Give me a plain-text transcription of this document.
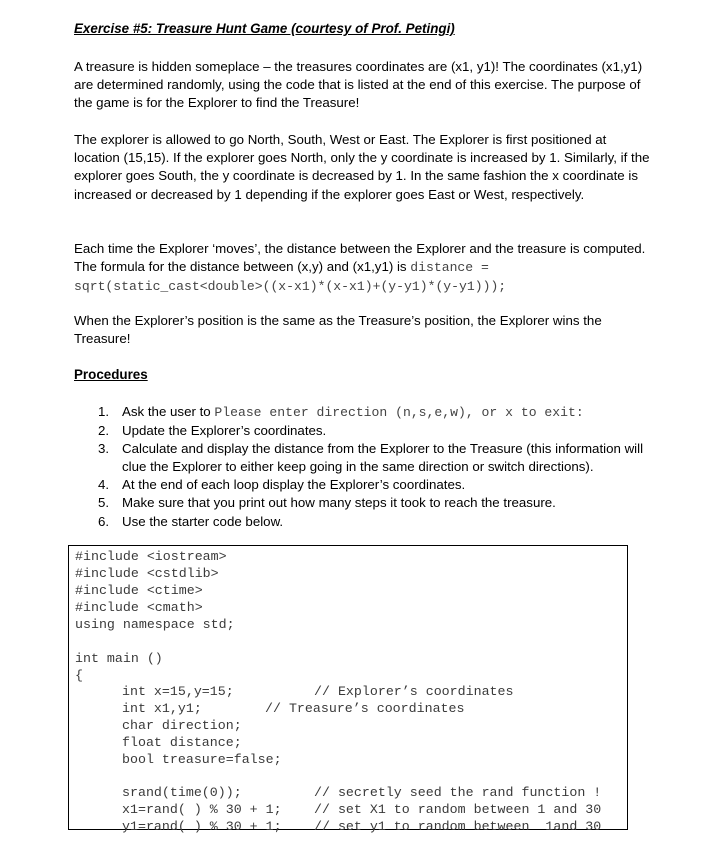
Exercise #5: Treasure Hunt Game (courtesy of Prof. Petingi)

A treasure is hidden someplace – the treasures coordinates are (x1, y1)! The coordinates (x1,y1) are determined randomly, using the code that is listed at the end of this exercise. The purpose of the game is for the Explorer to find the Treasure!

The explorer is allowed to go North, South, West or East. The Explorer is first positioned at location (15,15). If the explorer goes North, only the y coordinate is increased by 1. Similarly, if the explorer goes South, the y coordinate is decreased by 1. In the same fashion the x coordinate is increased or decreased by 1 depending if the explorer goes East or West, respectively.

Each time the Explorer ‘moves’, the distance between the Explorer and the treasure is computed. The formula for the distance between (x,y) and (x1,y1) is distance = sqrt(static_cast<double>((x-x1)*(x-x1)+(y-y1)*(y-y1)));

When the Explorer’s position is the same as the Treasure’s position, the Explorer wins the Treasure!

Procedures
1. Ask the user to Please enter direction (n,s,e,w), or x to exit:
2. Update the Explorer’s coordinates.
3. Calculate and display the distance from the Explorer to the Treasure (this information will clue the Explorer to either keep going in the same direction or switch directions).
4. At the end of each loop display the Explorer’s coordinates.
5. Make sure that you print out how many steps it took to reach the treasure.
6. Use the starter code below.
#include <iostream>
#include <cstdlib>
#include <ctime>
#include <cmath>
using namespace std;
int main ()
{
int x=15,y=15;	// Explorer’s coordinates
int x1,y1;	// Treasure’s coordinates
char direction;
float distance;
bool treasure=false;
srand(time(0));	// secretly seed the rand function !
x1=rand( ) % 30 + 1; // set X1 to random between 1 and 30
y1=rand( ) % 30 + 1; // set y1 to random between  1and 30
